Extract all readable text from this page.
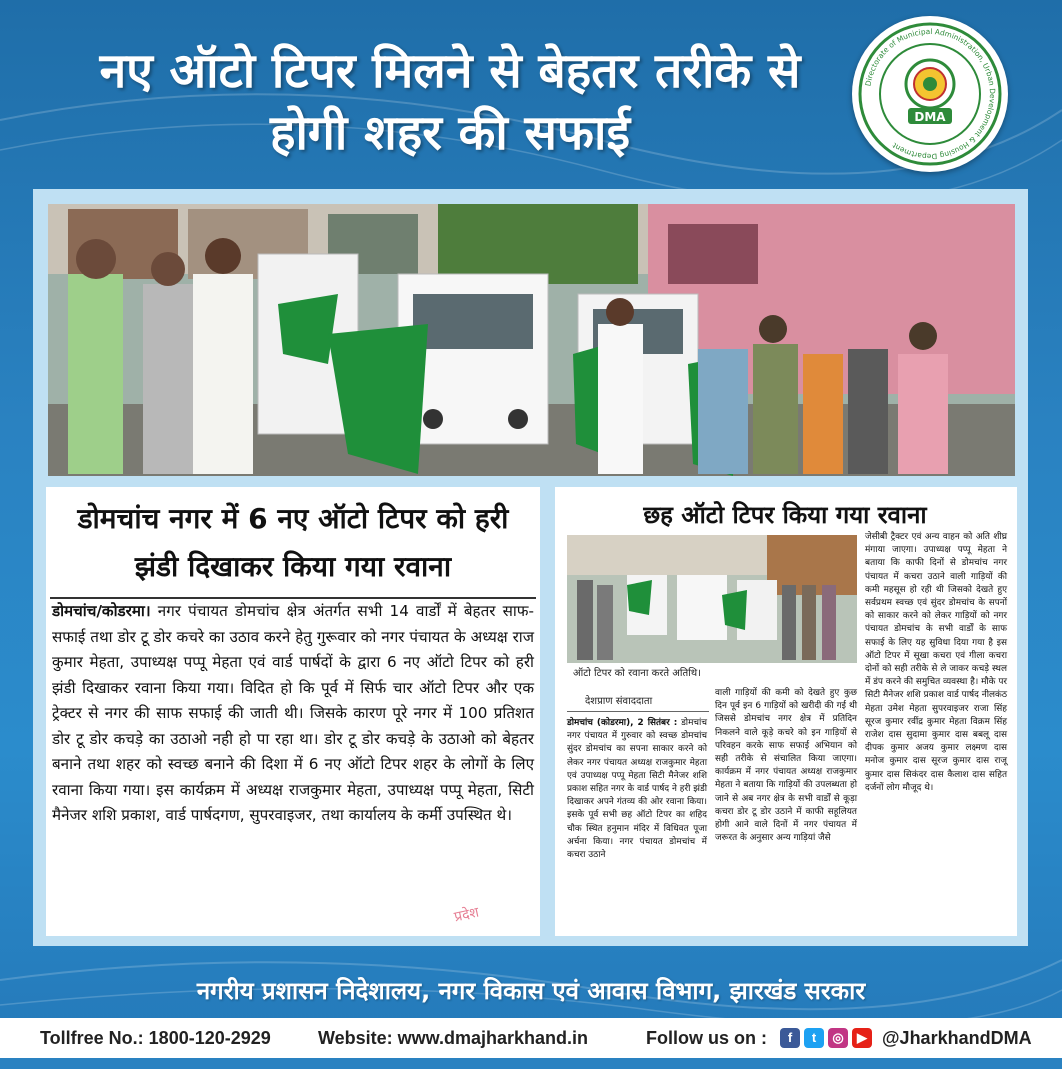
नए ऑटो टिपर मिलने से बेहतर तरीके से होगी शहर की सफाई
Directorate of Municipal Administration, Urban Development & Housing Department
DMA
डोमचांच नगर में 6 नए ऑटो टिपर को हरी झंडी दिखाकर किया गया रवाना
डोमचांच/कोडरमा। नगर पंचायत डोमचांच क्षेत्र अंतर्गत सभी 14 वार्डों में बेहतर साफ-सफाई तथा डोर टू डोर कचरे का उठाव करने हेतु गुरूवार को नगर पंचायत के अध्यक्ष राज कुमार मेहता, उपाध्यक्ष पप्पू मेहता एवं वार्ड पार्षदों के द्वारा 6 नए ऑटो टिपर को हरी झंडी दिखाकर रवाना किया गया। विदित हो कि पूर्व में सिर्फ चार ऑटो टिपर और एक ट्रेक्टर से नगर की साफ सफाई की जाती थी। जिसके कारण पूरे नगर में 100 प्रतिशत डोर टू डोर कचड़े का उठाओ नही हो पा रहा था। डोर टू डोर कचड़े के उठाओ को बेहतर बनाने तथा शहर को स्वच्छ बनाने की दिशा में 6 नए ऑटो टिपर शहर के लोगों के लिए रवाना किया गया। इस कार्यक्रम में अध्यक्ष राजकुमार मेहता, उपाध्यक्ष पप्पू मेहता, सिटी मैनेजर शशि प्रकाश, वार्ड पार्षदगण, सुपरवाइजर, तथा कार्यालय के कर्मी उपस्थित थे।
प्रदेश
छह ऑटो टिपर किया गया रवाना
ऑटो टिपर को रवाना करते अतिथि।
देशप्राण संवाददाता
डोमचांच (कोडरमा), 2 सितंबर : डोमचांच नगर पंचायत में गुरुवार को स्वच्छ डोमचांच सुंदर डोमचांच का सपना साकार करने को लेकर नगर पंचायत अध्यक्ष राजकुमार मेहता एवं उपाध्यक्ष पप्पू मेहता सिटी मैनेजर शशि प्रकाश सहित नगर के वार्ड पार्षद ने हरी झंडी दिखाकर अपने गंतव्य की ओर रवाना किया। इसके पूर्व सभी छह ऑटो टिपर का शहिद चौक स्थित हनुमान मंदिर में विधिवत पूजा अर्चना किया। नगर पंचायत डोमचांच में कचरा उठाने
वाली गाड़ियों की कमी को देखते हुए कुछ दिन पूर्व इन 6 गाड़ियों को खरीदी की गई थी जिससे डोमचांच नगर क्षेत्र में प्रतिदिन निकलने वाले कूड़े कचरे को इन गाड़ियों से परिवहन करके साफ सफाई अभियान को सही तरीके से संचालित किया जाएगा। कार्यक्रम में नगर पंचायत अध्यक्ष राजकुमार मेहता ने बताया कि गाड़ियों की उपलब्धता हो जाने से अब नगर क्षेत्र के सभी वार्डों से कूड़ा कचरा डोर टू डोर उठाने में काफी सहूलियत होगी आने वाले दिनों में नगर पंचायत में जरूरत के अनुसार अन्य गाड़ियां जैसे
जेसीबी ट्रैक्टर एवं अन्य वाहन को अति शीघ्र मंगाया जाएगा। उपाध्यक्ष पप्पू मेहता ने बताया कि काफी दिनों से डोमचांच नगर पंचायत में कचरा उठाने वाली गाड़ियों की कमी महसूस हो रही थी जिसको देखते हुए सर्वप्रथम स्वच्छ एवं सुंदर डोमचांच के सपनों को साकार करने को लेकर गाड़ियों को नगर पंचायत डोमचांच के सभी वार्डों के साफ सफाई के लिए यह सुविधा दिया गया है इस ऑटो टिपर में सूखा कचरा एवं गीला कचरा दोनों को सही तरीके से ले जाकर कचड़े स्थल में डंप करने की समुचित व्यवस्था है। मौके पर सिटी मैनेजर शशि प्रकाश वार्ड पार्षद नीलकंठ मेहता उमेश मेहता सुपरवाइजर राजा सिंह सूरज कुमार रवींद्र कुमार मेहता विक्रम सिंह राजेश दास सुदामा कुमार दास बबलू दास दीपक कुमार अजय कुमार लक्ष्मण दास मनोज कुमार दास सूरज कुमार दास राजू कुमार दास सिकंदर दास कैलाश दास सहित दर्जनों लोग मौजूद थे।
नगरीय प्रशासन निदेशालय, नगर विकास एवं आवास विभाग, झारखंड सरकार
Tollfree No.: 1800-120-2929	Website: www.dmajharkhand.in	Follow us on :	f	t	◎	▶ @JharkhandDMA
